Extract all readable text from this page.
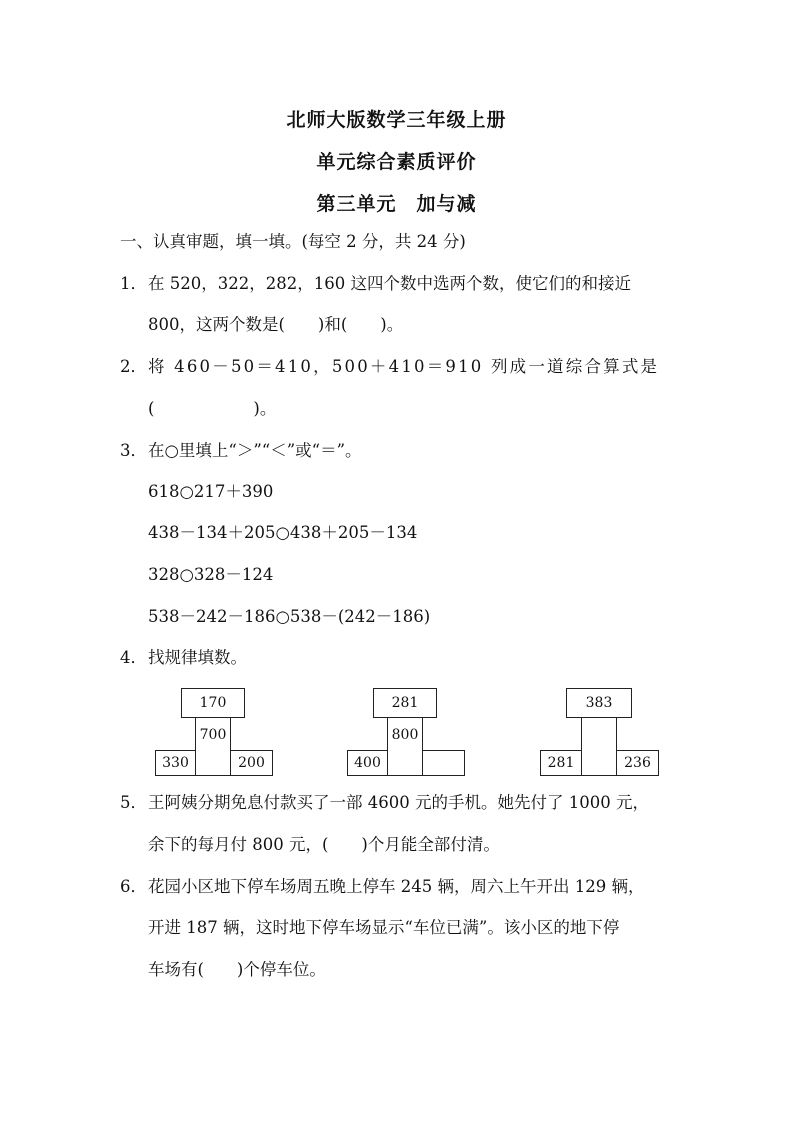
北师大版数学三年级上册
单元综合素质评价
第三单元　加与减
一、认真审题，填一填。(每空 2 分，共 24 分)
1．在 520，322，282，160 这四个数中选两个数，使它们的和接近
800，这两个数是(　　)和(　　)。
2．将 460－50＝410，500＋410＝910 列成一道综合算式是
(　　　　　　)。
3．在○里填上“＞”“＜”或“＝”。
618○217＋390
438－134＋205○438＋205－134
328○328－124
538－242－186○538－(242－186)
4．找规律填数。
170
700
330	200
281
800
400
383
281	236
5．王阿姨分期免息付款买了一部 4600 元的手机。她先付了 1000 元，
余下的每月付 800 元，(　　)个月能全部付清。
6．花园小区地下停车场周五晚上停车 245 辆，周六上午开出 129 辆，
开进 187 辆，这时地下停车场显示“车位已满”。该小区的地下停
车场有(　　)个停车位。
